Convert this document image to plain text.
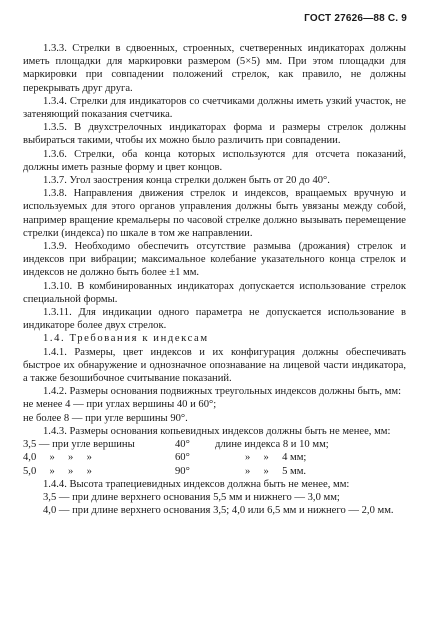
ГОСТ 27626—88 С. 9

1.3.3. Стрелки в сдвоенных, строенных, счетверенных индикаторах должны иметь площадки для маркировки размером (5×5) мм. При этом площадки для маркировки при совпадении положений стрелок, как правило, не должны перекрывать друг друга.

1.3.4. Стрелки для индикаторов со счетчиками должны иметь узкий участок, не затеняющий показания счетчика.

1.3.5. В двухстрелочных индикаторах форма и размеры стрелок должны выбираться такими, чтобы их можно было различить при совпадении.

1.3.6. Стрелки, оба конца которых используются для отсчета показаний, должны иметь разные форму и цвет концов.

1.3.7. Угол заострения конца стрелки должен быть от 20 до 40°.

1.3.8. Направления движения стрелок и индексов, вращаемых вручную и используемых для этого органов управления должны быть увязаны между собой, например вращение кремальеры по часовой стрелке должно вызывать перемещение стрелки (индекса) по шкале в том же направлении.

1.3.9. Необходимо обеспечить отсутствие размыва (дрожания) стрелок и индексов при вибрации; максимальное колебание указательного конца стрелок и индексов не должно быть более ±1 мм.

1.3.10. В комбинированных индикаторах допускается использование стрелок специальной формы.

1.3.11. Для индикации одного параметра не допускается использование в индикаторе более двух стрелок.

1.4. Требования к индексам

1.4.1. Размеры, цвет индексов и их конфигурация должны обеспечивать быстрое их обнаружение и однозначное опознавание на лицевой части индикатора, а также безошибочное считывание показаний.

1.4.2. Размеры основания подвижных треугольных индексов должны быть, мм:

не менее 4 — при углах вершины 40 и 60°;

не более 8 — при угле вершины 90°.

1.4.3. Размеры основания копьевидных индексов должны быть не менее, мм:

3,5 — при угле вершины	40°	длине индекса 8 и 10 мм;
4,0     »     »     »	60°	»     »     4 мм;
5,0     »     »     »	90°	»     »     5 мм.

1.4.4. Высота трапециевидных индексов должна быть не менее, мм:

3,5 — при длине верхнего основания 5,5 мм и нижнего — 3,0 мм;

4,0 — при длине верхнего основания 3,5; 4,0 или 6,5 мм и нижнего — 2,0 мм.
